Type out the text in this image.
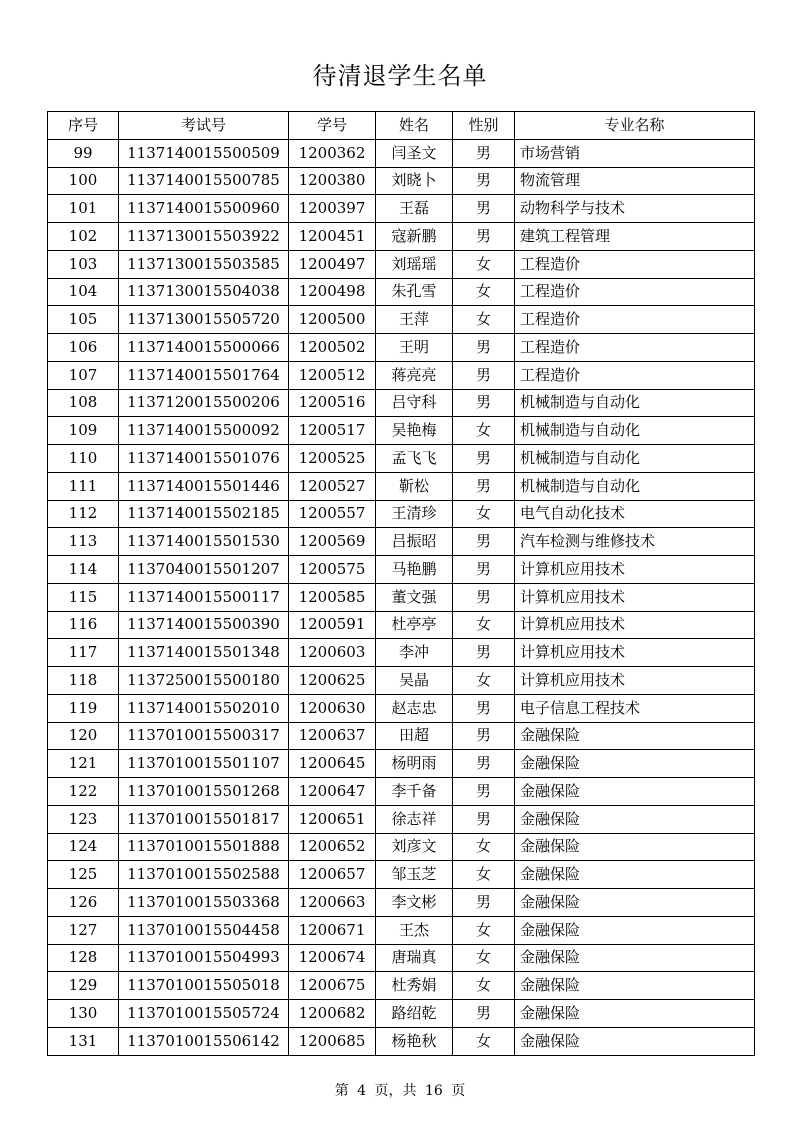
待清退学生名单
序号	考试号	学号	姓名	性别	专业名称
99	1137140015500509	1200362	闫圣文	男	市场营销
100	1137140015500785	1200380	刘晓卜	男	物流管理
101	1137140015500960	1200397	王磊	男	动物科学与技术
102	1137130015503922	1200451	寇新鹏	男	建筑工程管理
103	1137130015503585	1200497	刘瑶瑶	女	工程造价
104	1137130015504038	1200498	朱孔雪	女	工程造价
105	1137130015505720	1200500	王萍	女	工程造价
106	1137140015500066	1200502	王明	男	工程造价
107	1137140015501764	1200512	蒋亮亮	男	工程造价
108	1137120015500206	1200516	吕守科	男	机械制造与自动化
109	1137140015500092	1200517	吴艳梅	女	机械制造与自动化
110	1137140015501076	1200525	孟飞飞	男	机械制造与自动化
111	1137140015501446	1200527	靳松	男	机械制造与自动化
112	1137140015502185	1200557	王清珍	女	电气自动化技术
113	1137140015501530	1200569	吕振昭	男	汽车检测与维修技术
114	1137040015501207	1200575	马艳鹏	男	计算机应用技术
115	1137140015500117	1200585	董文强	男	计算机应用技术
116	1137140015500390	1200591	杜亭亭	女	计算机应用技术
117	1137140015501348	1200603	李冲	男	计算机应用技术
118	1137250015500180	1200625	吴晶	女	计算机应用技术
119	1137140015502010	1200630	赵志忠	男	电子信息工程技术
120	1137010015500317	1200637	田超	男	金融保险
121	1137010015501107	1200645	杨明雨	男	金融保险
122	1137010015501268	1200647	李千备	男	金融保险
123	1137010015501817	1200651	徐志祥	男	金融保险
124	1137010015501888	1200652	刘彦文	女	金融保险
125	1137010015502588	1200657	邹玉芝	女	金融保险
126	1137010015503368	1200663	李文彬	男	金融保险
127	1137010015504458	1200671	王杰	女	金融保险
128	1137010015504993	1200674	唐瑞真	女	金融保险
129	1137010015505018	1200675	杜秀娟	女	金融保险
130	1137010015505724	1200682	路绍乾	男	金融保险
131	1137010015506142	1200685	杨艳秋	女	金融保险
第 4 页，共 16 页
